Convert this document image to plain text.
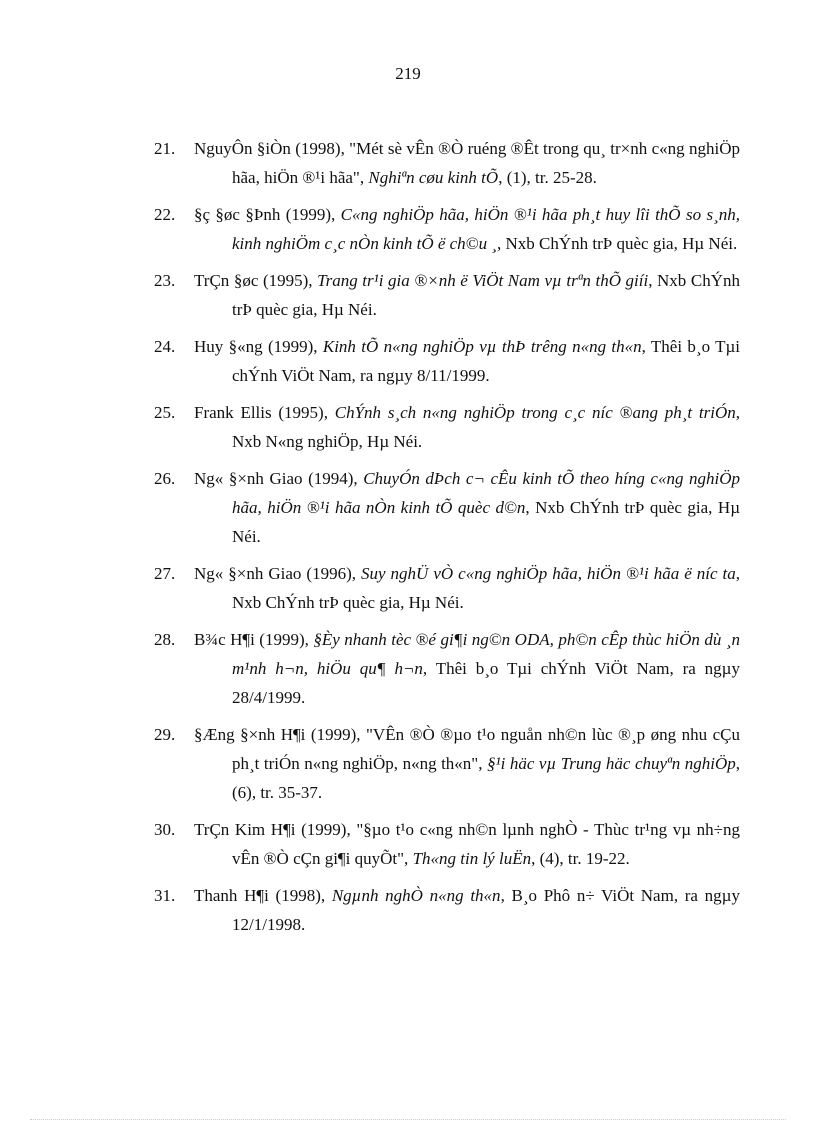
219
21.	NguyÔn §iÒn (1998), "Mét sè vÊn ®Ò ruéng ®Êt trong qu¸ tr×nh c«ng nghiÖp hãa, hiÖn ®¹i hãa", Nghiªn cøu kinh tÕ, (1), tr. 25-28.
22.	§ç §øc §Þnh (1999), C«ng nghiÖp hãa, hiÖn ®¹i hãa ph¸t huy lîi thÕ so s¸nh, kinh nghiÖm c¸c nÒn kinh tÕ ë ch©u ¸, Nxb ChÝnh trÞ quèc gia, Hµ Néi.
23.	TrÇn §øc (1995), Trang tr¹i gia ®×nh ë ViÖt Nam vµ trªn thÕ giíi, Nxb ChÝnh trÞ quèc gia, Hµ Néi.
24.	Huy §«ng (1999), Kinh tÕ n«ng nghiÖp vµ thÞ trêng n«ng th«n, Thêi b¸o Tµi chÝnh ViÖt Nam, ra ngµy 8/11/1999.
25.	Frank Ellis (1995), ChÝnh s¸ch n«ng nghiÖp trong c¸c níc ®ang ph¸t triÓn, Nxb N«ng nghiÖp, Hµ Néi.
26.	Ng« §×nh Giao (1994), ChuyÓn dÞch c¬ cÊu kinh tÕ theo híng c«ng nghiÖp hãa, hiÖn ®¹i hãa nÒn kinh tÕ quèc d©n, Nxb ChÝnh trÞ quèc gia, Hµ Néi.
27.	Ng« §×nh Giao (1996), Suy nghÜ vÒ c«ng nghiÖp hãa, hiÖn ®¹i hãa ë níc ta, Nxb ChÝnh trÞ quèc gia, Hµ Néi.
28.	B¾c H¶i (1999), §Èy nhanh tèc ®é gi¶i ng©n ODA, ph©n cÊp thùc hiÖn dù ¸n m¹nh h¬n, hiÖu qu¶ h¬n, Thêi b¸o Tµi chÝnh ViÖt Nam, ra ngµy 28/4/1999.
29.	§Æng §×nh H¶i (1999), "VÊn ®Ò ®µo t¹o nguån nh©n lùc ®¸p øng nhu cÇu ph¸t triÓn n«ng nghiÖp, n«ng th«n", §¹i häc vµ Trung häc chuyªn nghiÖp, (6), tr. 35-37.
30.	TrÇn Kim H¶i (1999), "§µo t¹o c«ng nh©n lµnh nghÒ - Thùc tr¹ng vµ nh÷ng vÊn ®Ò cÇn gi¶i quyÕt", Th«ng tin lý luËn, (4), tr. 19-22.
31.	Thanh H¶i (1998), Ngµnh nghÒ n«ng th«n, B¸o Phô n÷ ViÖt Nam, ra ngµy 12/1/1998.
